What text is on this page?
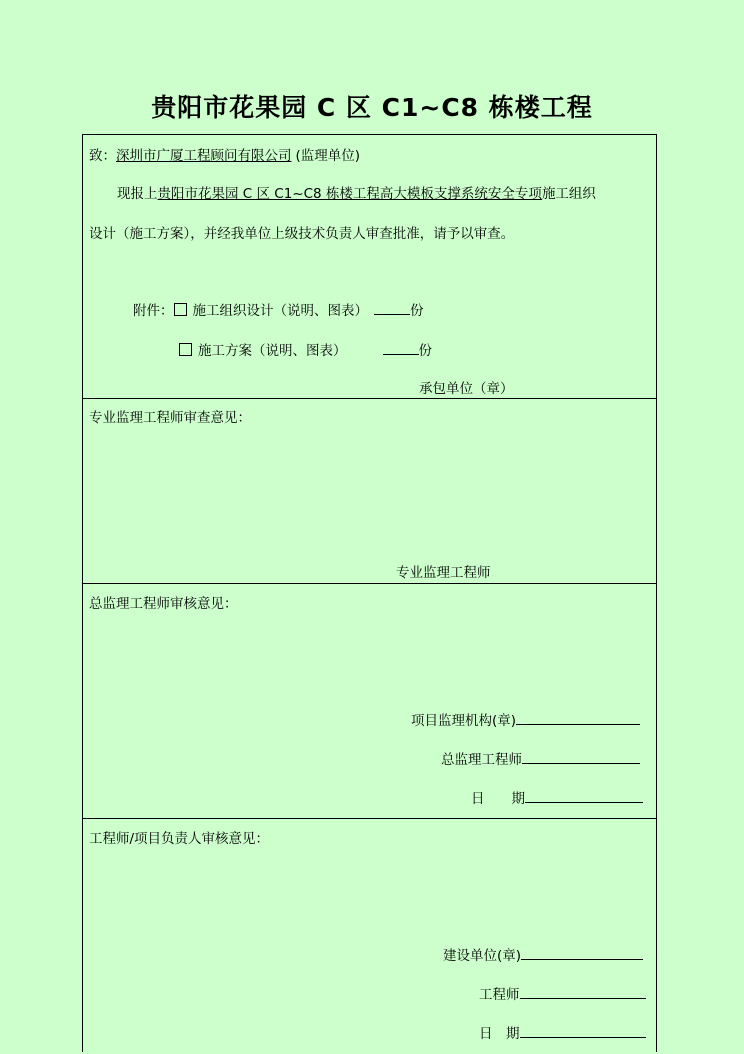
贵阳市花果园 C 区 C1~C8 栋楼工程
致：深圳市广厦工程顾问有限公司 (监理单位)
现报上贵阳市花果园 C 区 C1~C8 栋楼工程高大模板支撑系统安全专项施工组织
设计（施工方案），并经我单位上级技术负责人审查批准，请予以审查。
附件： 施工组织设计（说明、图表）	份
施工方案（说明、图表）	份
承包单位（章）
专业监理工程师审查意见：
专业监理工程师
总监理工程师审核意见：
项目监理机构(章)
总监理工程师
日　　期
工程师/项目负责人审核意见：
建设单位(章)
工程师
日　期
